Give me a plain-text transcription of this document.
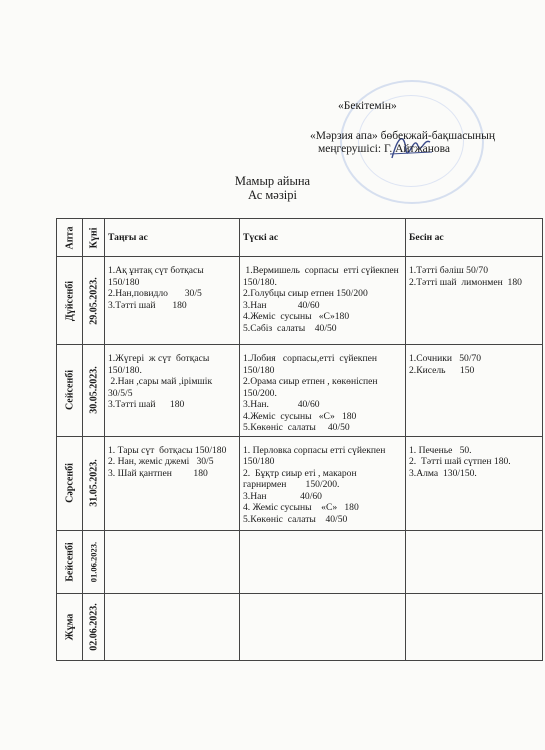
«Бекітемін»
«Мәрзия апа» бөбекжай-бақшасының
меңгерушісі: Г. Айтжанова
Мамыр айына
Ас мәзірі
Апта	Күні	Таңғы ас	Түскі ас	Бесін ас

Дүйсенбі	29.05.2023.	1.Ақ ұнтақ сүт ботқасы 150/180
2.Нан,повидло       30/5
3.Тәтті шай       180	1.Вермишель  сорпасы  етті сүйекпен 150/180.
2.Голубцы сиыр етпен 150/200
3.Нан             40/60
4.Жеміс  сусыны   «С»180
5.Сәбіз  салаты    40/50	1.Тәтті бәліш 50/70
2.Тәтті шай  лимонмен  180

Сейсенбі	30.05.2023.	1.Жүгері  ж сүт  ботқасы 150/180.
2.Нан ,сары май ,ірімшік 30/5/5
3.Тәтті шай      180	1.Лобия   сорпасы,етті  сүйекпен 150/180
2.Орама сиыр етпен , көкөніспен 150/200.
3.Нан.            40/60
4.Жеміс  сусыны   «С»   180
5.Көкөніс  салаты     40/50	1.Сочники   50/70
2.Кисель      150

Сәрсенбі	31.05.2023.	1. Тары сүт  ботқасы 150/180
2. Нан, жеміс джемі   30/5
3. Шай қантпен         180	1. Перловка сорпасы етті сүйекпен       150/180
2.  Бұқтр сиыр еті , макарон гарнирмен        150/200.
3.Нан              40/60
4. Жеміс сусыны    «С»   180
5.Көкөніс  салаты    40/50	1. Печенье   50.
2.  Тәтті шай сүтпен 180.
3.Алма  130/150.

Бейсенбі	01.06.2023.			

Жұма	02.06.2023.			
